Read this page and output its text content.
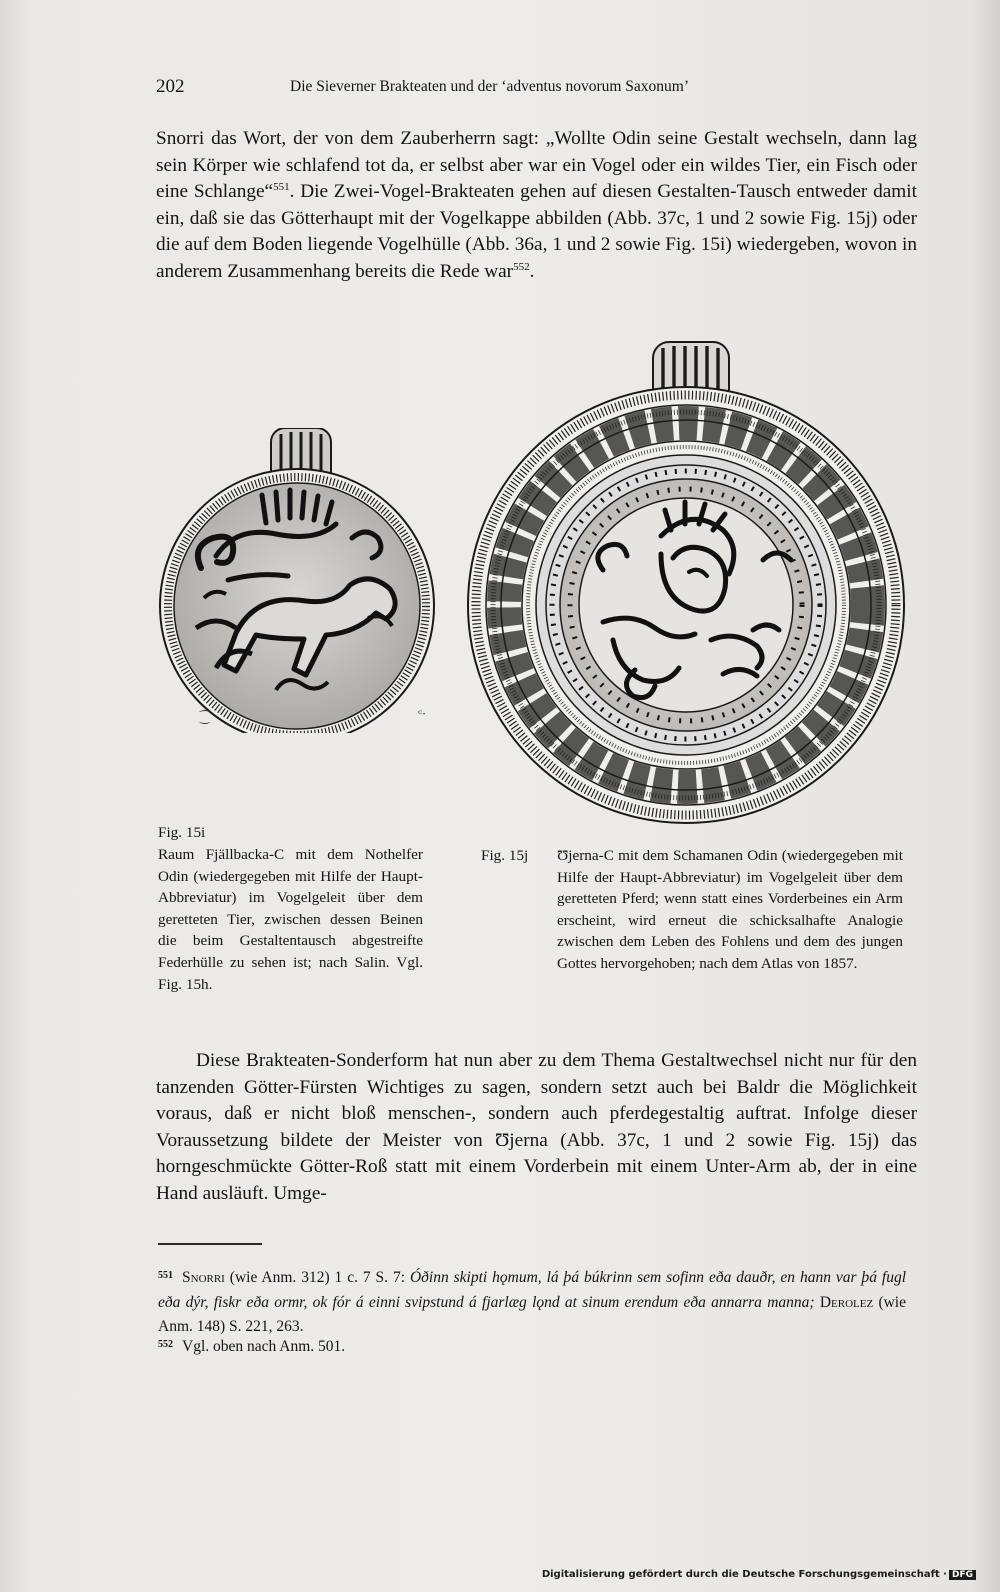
202	Die Sieverner Brakteaten und der ‘adventus novorum Saxonum’
Snorri das Wort, der von dem Zauberherrn sagt: „Wollte Odin seine Gestalt wechseln, dann lag sein Körper wie schlafend tot da, er selbst aber war ein Vogel oder ein wildes Tier, ein Fisch oder eine Schlange“$^{551}$. Die Zwei-Vogel-Brakteaten gehen auf diesen Gestalten-Tausch entweder damit ein, daß sie das Götterhaupt mit der Vogelkappe abbilden (Abb. 37c, 1 und 2 sowie Fig. 15j) oder die auf dem Boden liegende Vogelhülle (Abb. 36a, 1 und 2 sowie Fig. 15i) wiedergeben, wovon in anderem Zusammenhang bereits die Rede war$^{552}$.
⁐	ᶜ·
Fig. 15i
Raum Fjällbacka-C mit dem Nothelfer Odin (wiedergegeben mit Hilfe der Haupt-Abbreviatur) im Vogelgeleit über dem geretteten Tier, zwischen dessen Beinen die beim Gestaltentausch abgestreifte Federhülle zu sehen ist; nach Salin. Vgl. Fig. 15h.
Fig. 15j Ʊjerna-C mit dem Schamanen Odin (wiedergegeben mit Hilfe der Haupt-Abbreviatur) im Vogelgeleit über dem geretteten Pferd; wenn statt eines Vorderbeines ein Arm erscheint, wird erneut die schicksalhafte Analogie zwischen dem Leben des Fohlens und dem des jungen Gottes hervorgehoben; nach dem Atlas von 1857.
Diese Brakteaten-Sonderform hat nun aber zu dem Thema Gestaltwechsel nicht nur für den tanzenden Götter-Fürsten Wichtiges zu sagen, sondern setzt auch bei Baldr die Möglichkeit voraus, daß er nicht bloß menschen-, sondern auch pferdegestaltig auftrat. Infolge dieser Voraussetzung bildete der Meister von Ʊjerna (Abb. 37c, 1 und 2 sowie Fig. 15j) das horngeschmückte Götter-Roß statt mit einem Vorderbein mit einem Unter-Arm ab, der in eine Hand ausläuft. Umge-
551 Snorri (wie Anm. 312) 1 c. 7 S. 7: Óðinn skipti hǫmum, lá þá búkrinn sem sofinn eða dauðr, en hann var þá fugl eða dýr, fiskr eða ormr, ok fór á einni svipstund á fjarlæg lǫnd at sinum erendum eða annarra manna; Derolez (wie Anm. 148) S. 221, 263.
552 Vgl. oben nach Anm. 501.
Digitalisierung gefördert durch die Deutsche Forschungsgemeinschaft · DFG
